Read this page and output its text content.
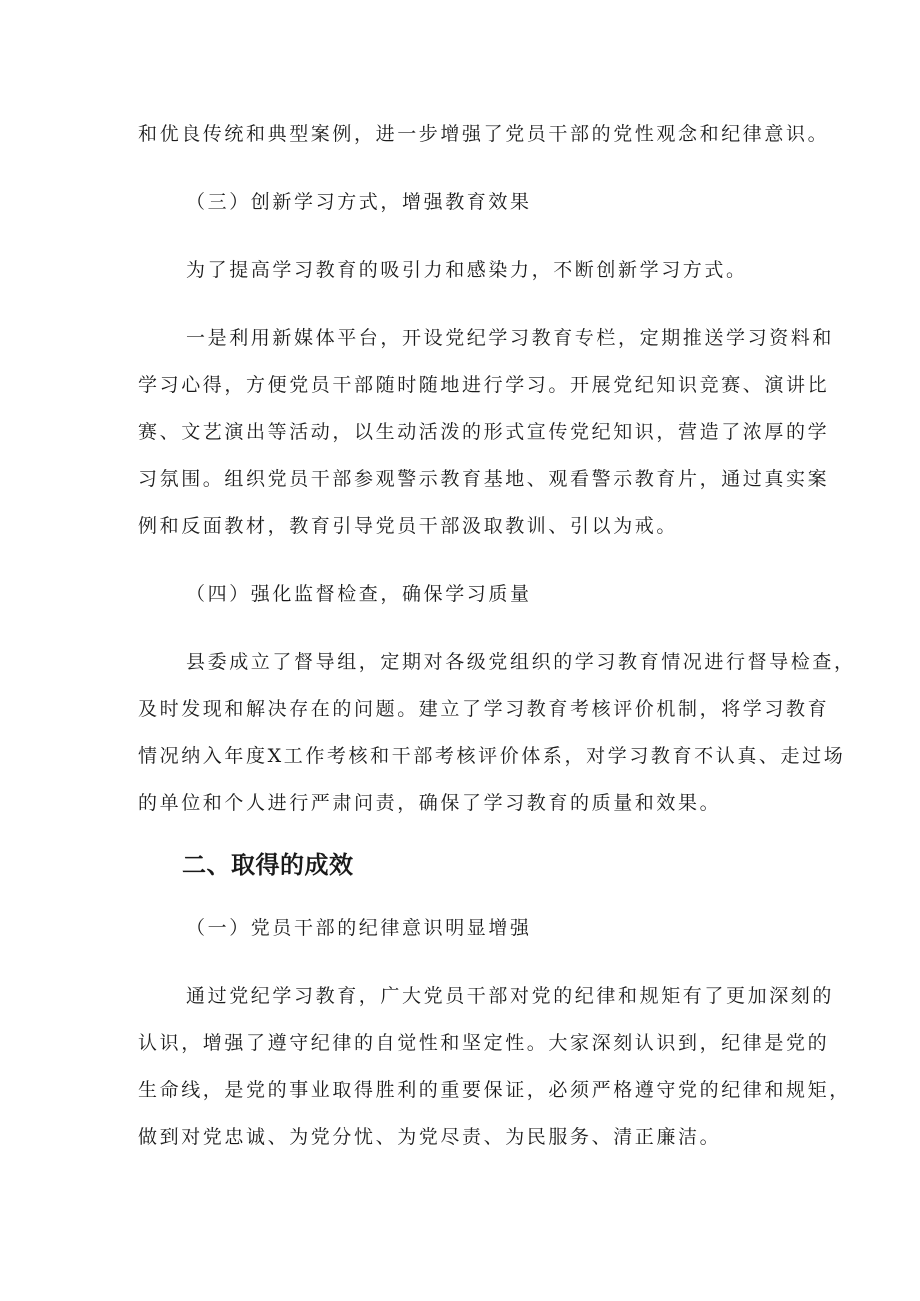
和优良传统和典型案例，进一步增强了党员干部的党性观念和纪律意识。
（三）创新学习方式，增强教育效果
为了提高学习教育的吸引力和感染力，不断创新学习方式。
一是利用新媒体平台，开设党纪学习教育专栏，定期推送学习资料和
学习心得，方便党员干部随时随地进行学习。开展党纪知识竞赛、演讲比
赛、文艺演出等活动，以生动活泼的形式宣传党纪知识，营造了浓厚的学
习氛围。组织党员干部参观警示教育基地、观看警示教育片，通过真实案
例和反面教材，教育引导党员干部汲取教训、引以为戒。
（四）强化监督检查，确保学习质量
县委成立了督导组，定期对各级党组织的学习教育情况进行督导检查，
及时发现和解决存在的问题。建立了学习教育考核评价机制，将学习教育
情况纳入年度X工作考核和干部考核评价体系，对学习教育不认真、走过场
的单位和个人进行严肃问责，确保了学习教育的质量和效果。
二、取得的成效
（一）党员干部的纪律意识明显增强
通过党纪学习教育，广大党员干部对党的纪律和规矩有了更加深刻的
认识，增强了遵守纪律的自觉性和坚定性。大家深刻认识到，纪律是党的
生命线，是党的事业取得胜利的重要保证，必须严格遵守党的纪律和规矩，
做到对党忠诚、为党分忧、为党尽责、为民服务、清正廉洁。
